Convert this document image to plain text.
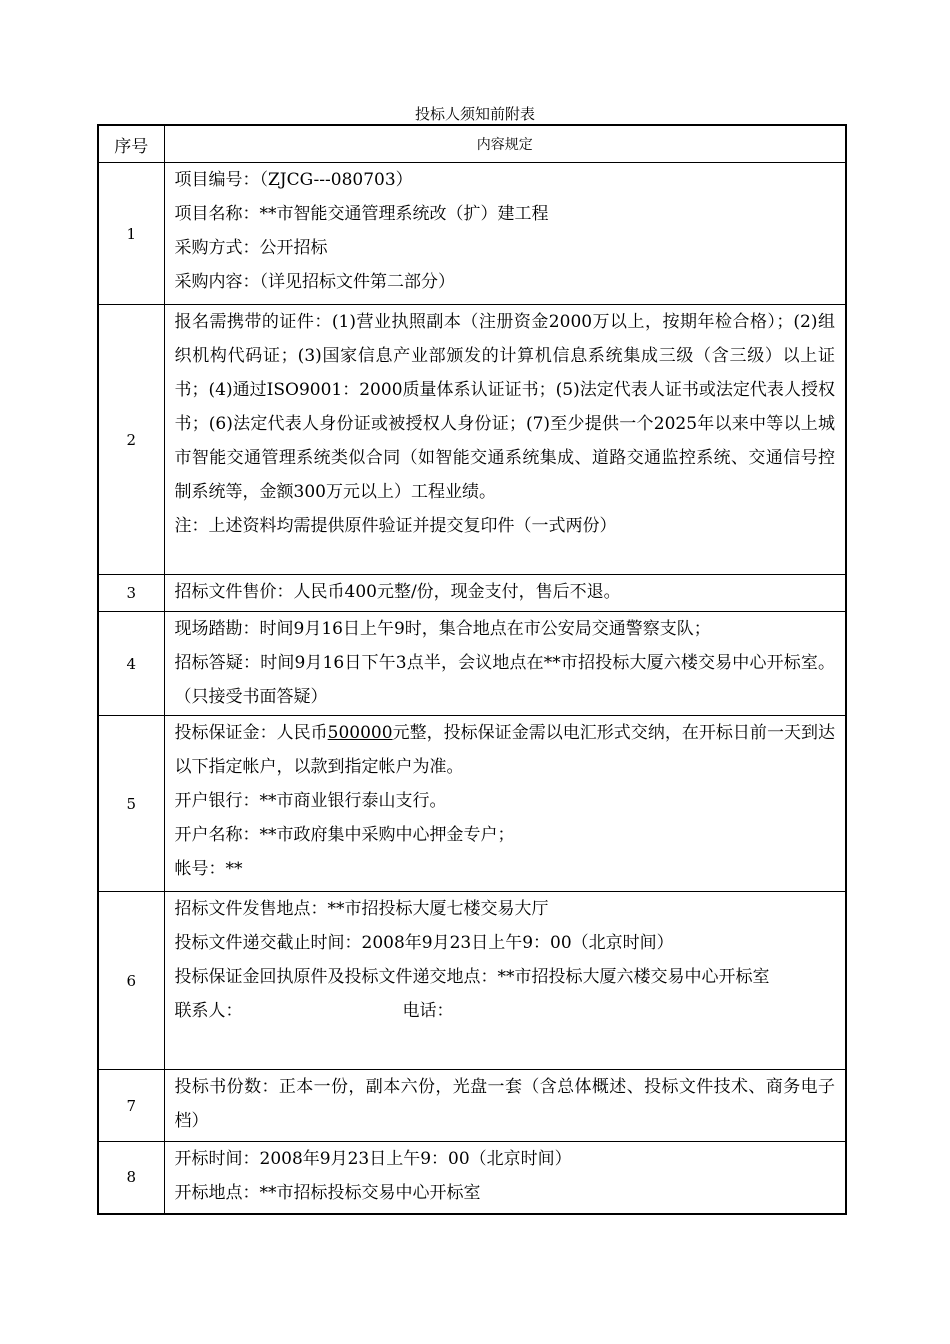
投标人须知前附表
序号	内容规定
1	项目编号：（ZJCG---080703）

项目名称：**市智能交通管理系统改（扩）建工程

采购方式：公开招标

采购内容：（详见招标文件第二部分）

2	报名需携带的证件：(1)营业执照副本（注册资金2000万以上，按期年检合格）；(2)组织机构代码证；(3)国家信息产业部颁发的计算机信息系统集成三级（含三级）以上证书；(4)通过ISO9001：2000质量体系认证证书；(5)法定代表人证书或法定代表人授权书；(6)法定代表人身份证或被授权人身份证；(7)至少提供一个2025年以来中等以上城市智能交通管理系统类似合同（如智能交通系统集成、道路交通监控系统、交通信号控制系统等，金额300万元以上）工程业绩。

注：上述资料均需提供原件验证并提交复印件（一式两份）

3	招标文件售价：人民币400元整/份，现金支付，售后不退。

4	现场踏勘：时间9月16日上午9时，集合地点在市公安局交通警察支队；

招标答疑：时间9月16日下午3点半，会议地点在**市招投标大厦六楼交易中心开标室。（只接受书面答疑）

5	投标保证金：人民币500000元整，投标保证金需以电汇形式交纳，在开标日前一天到达以下指定帐户，以款到指定帐户为准。

开户银行：**市商业银行泰山支行。

开户名称：**市政府集中采购中心押金专户；

帐号：**

6	招标文件发售地点：**市招投标大厦七楼交易大厅

投标文件递交截止时间：2008年9月23日上午9：00（北京时间）

投标保证金回执原件及投标文件递交地点：**市招投标大厦六楼交易中心开标室

联系人： 电话：

7	投标书份数：正本一份，副本六份，光盘一套（含总体概述、投标文件技术、商务电子档）

8	开标时间：2008年9月23日上午9：00（北京时间）

开标地点：**市招标投标交易中心开标室
